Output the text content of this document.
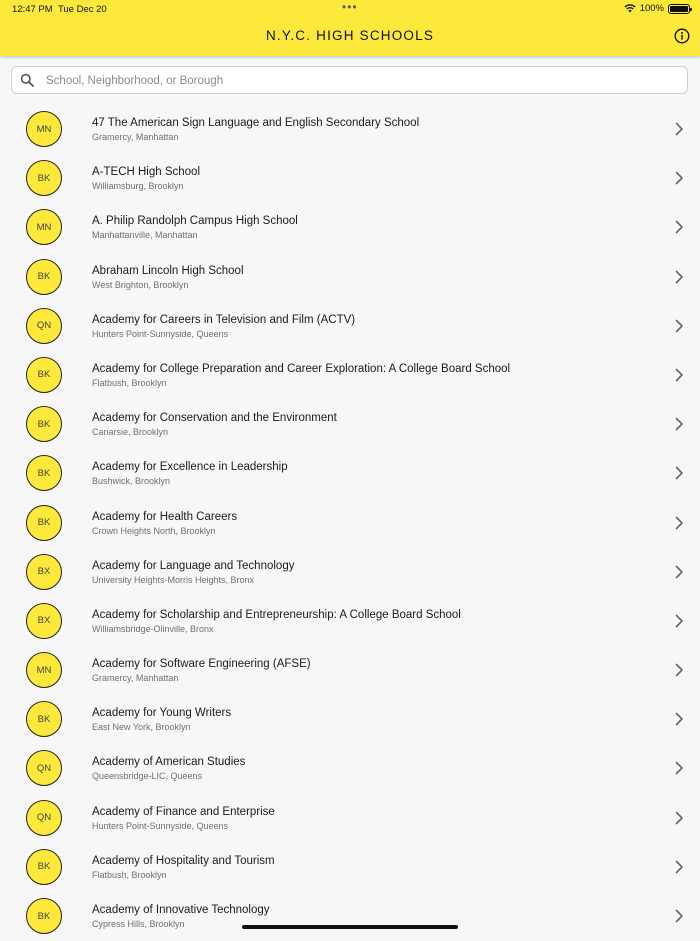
12:47 PM Tue Dec 20	•••	100%
N.Y.C. HIGH SCHOOLS
School, Neighborhood, or Borough
MN	47 The American Sign Language and English Secondary School
Gramercy, Manhattan
BK	A-TECH High School
Williamsburg, Brooklyn
MN	A. Philip Randolph Campus High School
Manhattanville, Manhattan
BK	Abraham Lincoln High School
West Brighton, Brooklyn
QN	Academy for Careers in Television and Film (ACTV)
Hunters Point-Sunnyside, Queens
BK	Academy for College Preparation and Career Exploration: A College Board School
Flatbush, Brooklyn
BK	Academy for Conservation and the Environment
Canarsie, Brooklyn
BK	Academy for Excellence in Leadership
Bushwick, Brooklyn
BK	Academy for Health Careers
Crown Heights North, Brooklyn
BX	Academy for Language and Technology
University Heights-Morris Heights, Bronx
BX	Academy for Scholarship and Entrepreneurship: A College Board School
Williamsbridge-Olinville, Bronx
MN	Academy for Software Engineering (AFSE)
Gramercy, Manhattan
BK	Academy for Young Writers
East New York, Brooklyn
QN	Academy of American Studies
Queensbridge-LIC, Queens
QN	Academy of Finance and Enterprise
Hunters Point-Sunnyside, Queens
BK	Academy of Hospitality and Tourism
Flatbush, Brooklyn
BK	Academy of Innovative Technology
Cypress Hills, Brooklyn
